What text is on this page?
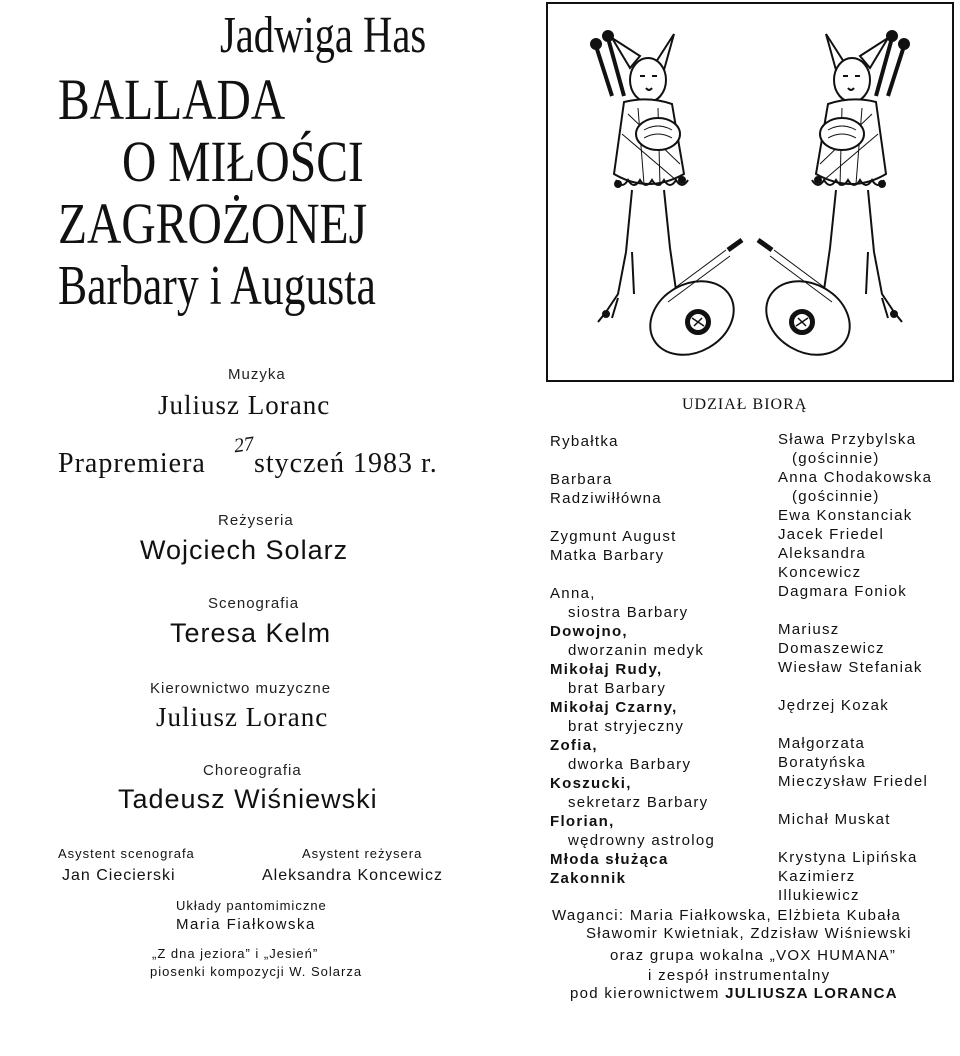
Jadwiga Has
BALLADA
O MIŁOŚCI
ZAGROŻONEJ
Barbary i Augusta
Muzyka
Juliusz Loranc
Prapremiera
27
styczeń 1983 r.
Reżyseria
Wojciech Solarz
Scenografia
Teresa Kelm
Kierownictwo muzyczne
Juliusz Loranc
Choreografia
Tadeusz Wiśniewski
Asystent scenografa
Jan Ciecierski
Asystent reżysera
Aleksandra Koncewicz
Układy pantomimiczne
Maria Fiałkowska
„Z dna jeziora” i „Jesień”
piosenki kompozycji W. Solarza
UDZIAŁ BIORĄ
Rybałtka
Barbara
Radziwiłłówna
Zygmunt August
Matka Barbary
Anna,
siostra Barbary
Dowojno,
dworzanin medyk
Mikołaj Rudy,
brat Barbary
Mikołaj Czarny,
brat stryjeczny
Zofia,
dworka Barbary
Koszucki,
sekretarz Barbary
Florian,
wędrowny astrolog
Młoda służąca
Zakonnik
Sława Przybylska
(gościnnie)
Anna Chodakowska
(gościnnie)
Ewa Konstanciak
Jacek Friedel
Aleksandra
Koncewicz
Dagmara Foniok
Mariusz
Domaszewicz
Wiesław Stefaniak
Jędrzej Kozak
Małgorzata
Boratyńska
Mieczysław Friedel
Michał Muskat
Krystyna Lipińska
Kazimierz
Illukiewicz
Waganci: Maria Fiałkowska, Elżbieta Kubała
Sławomir Kwietniak, Zdzisław Wiśniewski
oraz grupa wokalna „VOX HUMANA”
i zespół instrumentalny
pod kierownictwem JULIUSZA LORANCA
